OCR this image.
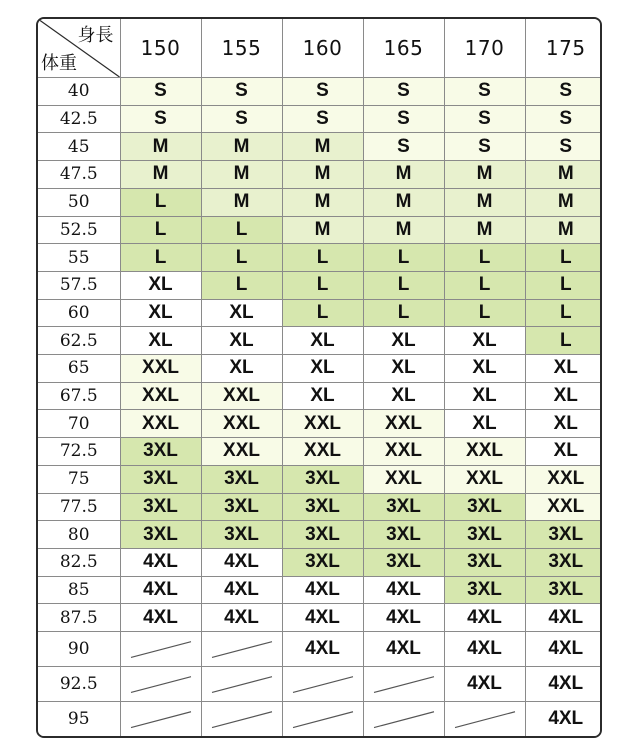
身長
体重	150	155	160	165	170	175
40	S	S	S	S	S	S
42.5	S	S	S	S	S	S
45	M	M	M	S	S	S
47.5	M	M	M	M	M	M
50	L	M	M	M	M	M
52.5	L	L	M	M	M	M
55	L	L	L	L	L	L
57.5	XL	L	L	L	L	L
60	XL	XL	L	L	L	L
62.5	XL	XL	XL	XL	XL	L
65	XXL	XL	XL	XL	XL	XL
67.5	XXL	XXL	XL	XL	XL	XL
70	XXL	XXL	XXL	XXL	XL	XL
72.5	3XL	XXL	XXL	XXL	XXL	XL
75	3XL	3XL	3XL	XXL	XXL	XXL
77.5	3XL	3XL	3XL	3XL	3XL	XXL
80	3XL	3XL	3XL	3XL	3XL	3XL
82.5	4XL	4XL	3XL	3XL	3XL	3XL
85	4XL	4XL	4XL	4XL	3XL	3XL
87.5	4XL	4XL	4XL	4XL	4XL	4XL
90			4XL	4XL	4XL	4XL
92.5					4XL	4XL
95						4XL
